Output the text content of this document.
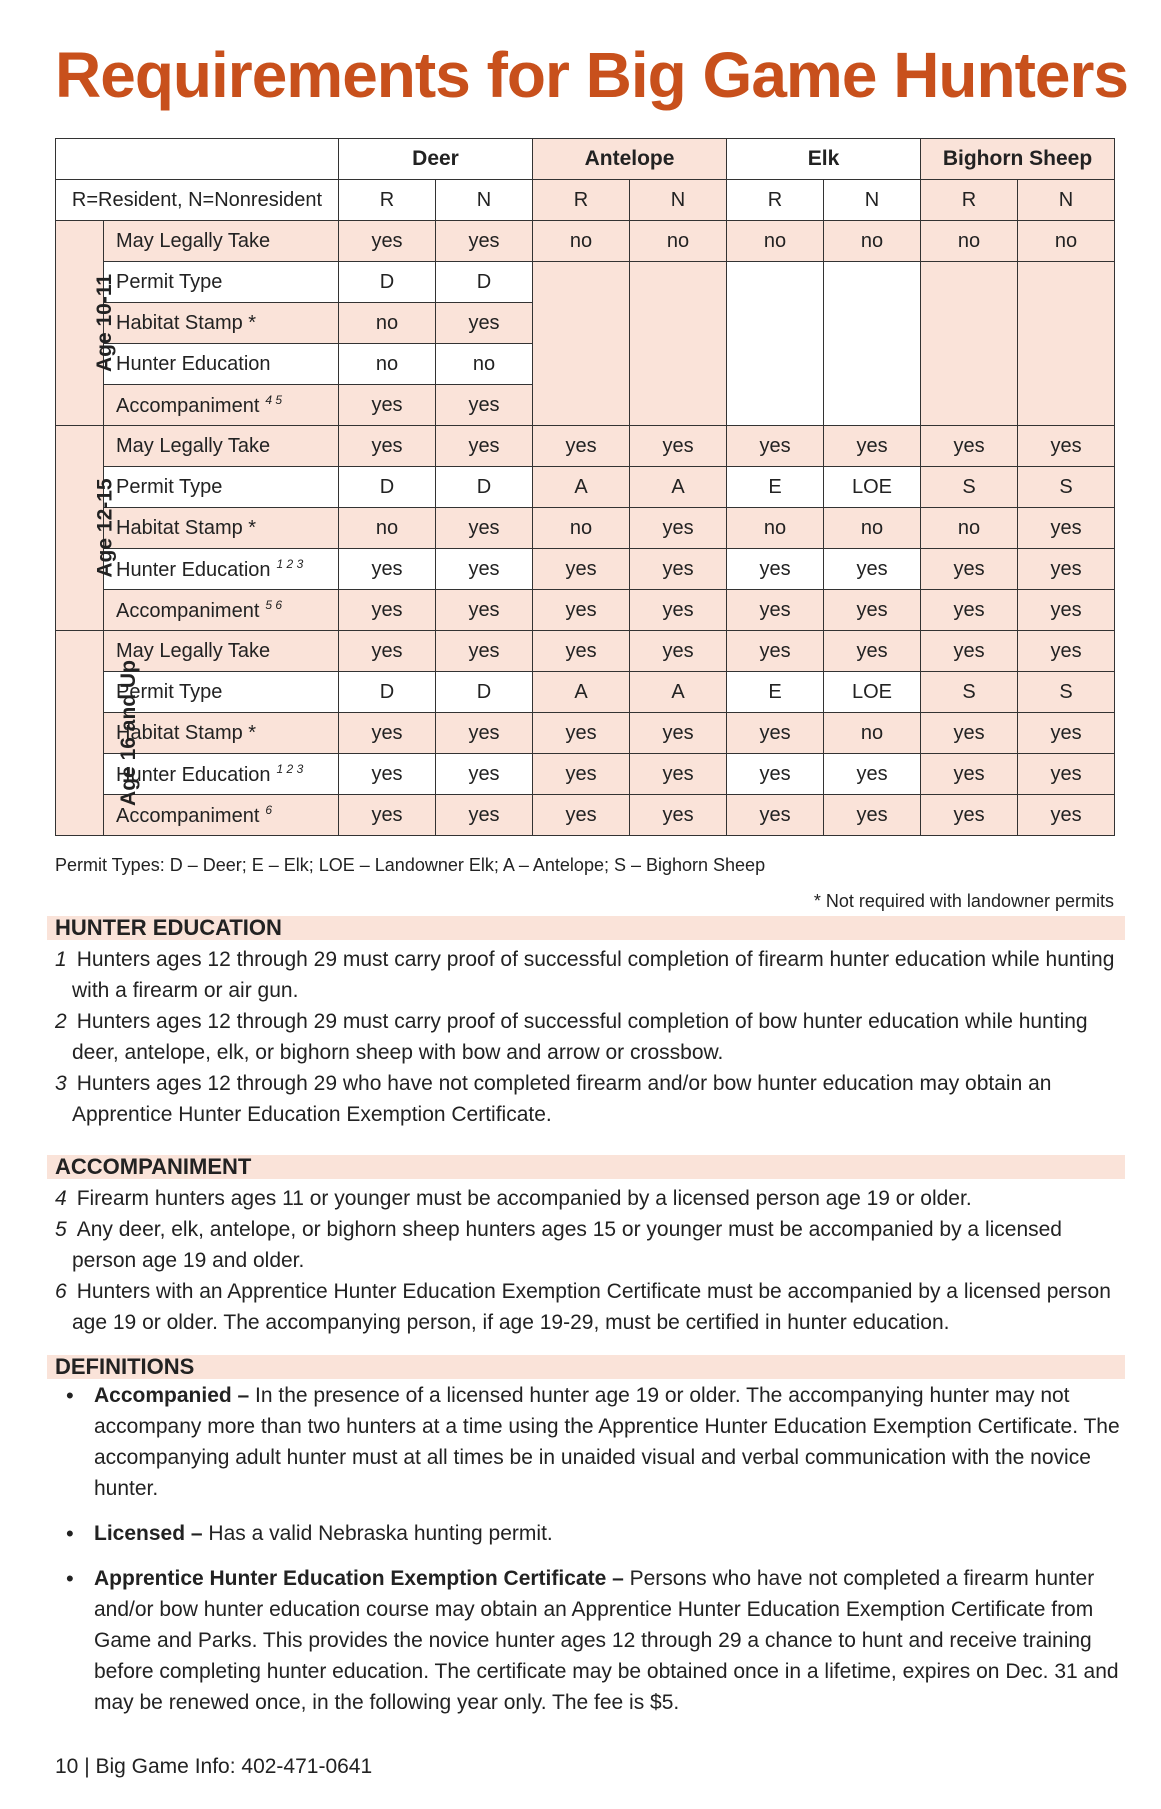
Requirements for Big Game Hunters
		Deer		Antelope		Elk		Bighorn Sheep	
R=Resident, N=Nonresident		R	N	R	N	R	N	R	N
Age 10-11	May Legally Take	yes	yes	no	no	no	no	no	no
	Permit Type	D	D						
	Habitat Stamp *	no	yes						
	Hunter Education	no	no						
	Accompaniment $^{4 5}$	yes	yes						
Age 12-15	May Legally Take	yes	yes	yes	yes	yes	yes	yes	yes
	Permit Type	D	D	A	A	E	LOE	S	S
	Habitat Stamp *	no	yes	no	yes	no	no	no	yes
	Hunter Education $^{1 2 3}$	yes	yes	yes	yes	yes	yes	yes	yes
	Accompaniment $^{5 6}$	yes	yes	yes	yes	yes	yes	yes	yes
Age 16 and Up	May Legally Take	yes	yes	yes	yes	yes	yes	yes	yes
	Permit Type	D	D	A	A	E	LOE	S	S
	Habitat Stamp *	yes	yes	yes	yes	yes	no	yes	yes
	Hunter Education $^{1 2 3}$	yes	yes	yes	yes	yes	yes	yes	yes
	Accompaniment $^6$	yes	yes	yes	yes	yes	yes	yes	yes
Permit Types: D – Deer; E – Elk; LOE – Landowner Elk; A – Antelope; S – Bighorn Sheep
* Not required with landowner permits
HUNTER EDUCATION
1 Hunters ages 12 through 29 must carry proof of successful completion of firearm hunter education while hunting with a firearm or air gun.
2 Hunters ages 12 through 29 must carry proof of successful completion of bow hunter education while hunting deer, antelope, elk, or bighorn sheep with bow and arrow or crossbow.
3 Hunters ages 12 through 29 who have not completed firearm and/or bow hunter education may obtain an Apprentice Hunter Education Exemption Certificate.
ACCOMPANIMENT
4 Firearm hunters ages 11 or younger must be accompanied by a licensed person age 19 or older.
5 Any deer, elk, antelope, or bighorn sheep hunters ages 15 or younger must be accompanied by a licensed person age 19 and older.
6 Hunters with an Apprentice Hunter Education Exemption Certificate must be accompanied by a licensed person age 19 or older. The accompanying person, if age 19-29, must be certified in hunter education.
DEFINITIONS
• Accompanied – In the presence of a licensed hunter age 19 or older. The accompanying hunter may not accompany more than two hunters at a time using the Apprentice Hunter Education Exemption Certificate. The accompanying adult hunter must at all times be in unaided visual and verbal communication with the novice hunter.
• Licensed – Has a valid Nebraska hunting permit.
• Apprentice Hunter Education Exemption Certificate – Persons who have not completed a firearm hunter and/or bow hunter education course may obtain an Apprentice Hunter Education Exemption Certificate from Game and Parks. This provides the novice hunter ages 12 through 29 a chance to hunt and receive training before completing hunter education. The certificate may be obtained once in a lifetime, expires on Dec. 31 and may be renewed once, in the following year only. The fee is $5.
10 | Big Game Info: 402-471-0641
